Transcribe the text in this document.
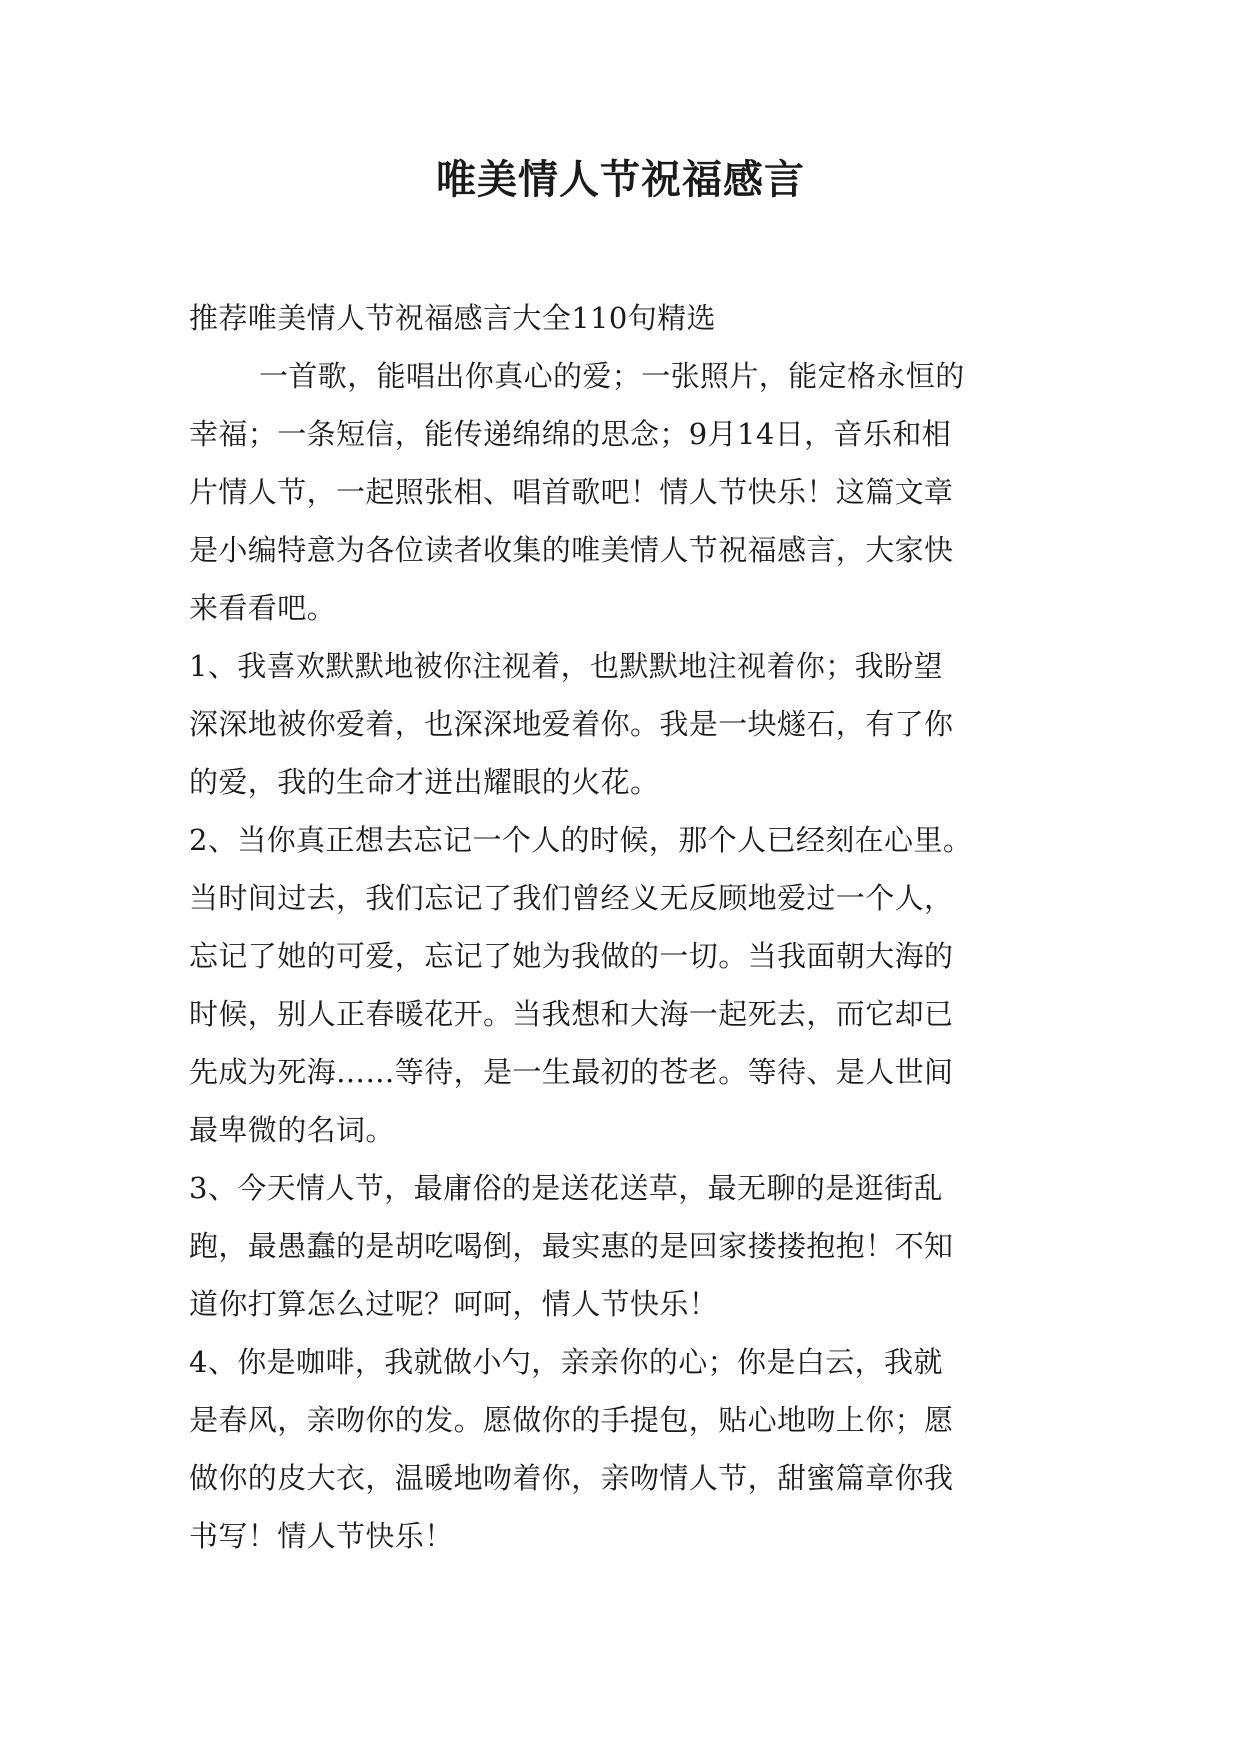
唯美情人节祝福感言
推荐唯美情人节祝福感言大全110句精选
一首歌，能唱出你真心的爱；一张照片，能定格永恒的
幸福；一条短信，能传递绵绵的思念；9月14日，音乐和相
片情人节，一起照张相、唱首歌吧！情人节快乐！这篇文章
是小编特意为各位读者收集的唯美情人节祝福感言，大家快
来看看吧。
1、我喜欢默默地被你注视着，也默默地注视着你；我盼望
深深地被你爱着，也深深地爱着你。我是一块燧石，有了你
的爱，我的生命才迸出耀眼的火花。
2、当你真正想去忘记一个人的时候，那个人已经刻在心里。
当时间过去，我们忘记了我们曾经义无反顾地爱过一个人，
忘记了她的可爱，忘记了她为我做的一切。当我面朝大海的
时候，别人正春暖花开。当我想和大海一起死去，而它却已
先成为死海……等待，是一生最初的苍老。等待、是人世间
最卑微的名词。
3、今天情人节，最庸俗的是送花送草，最无聊的是逛街乱
跑，最愚蠢的是胡吃喝倒，最实惠的是回家搂搂抱抱！不知
道你打算怎么过呢？呵呵，情人节快乐！
4、你是咖啡，我就做小勺，亲亲你的心；你是白云，我就
是春风，亲吻你的发。愿做你的手提包，贴心地吻上你；愿
做你的皮大衣，温暖地吻着你，亲吻情人节，甜蜜篇章你我
书写！情人节快乐！
